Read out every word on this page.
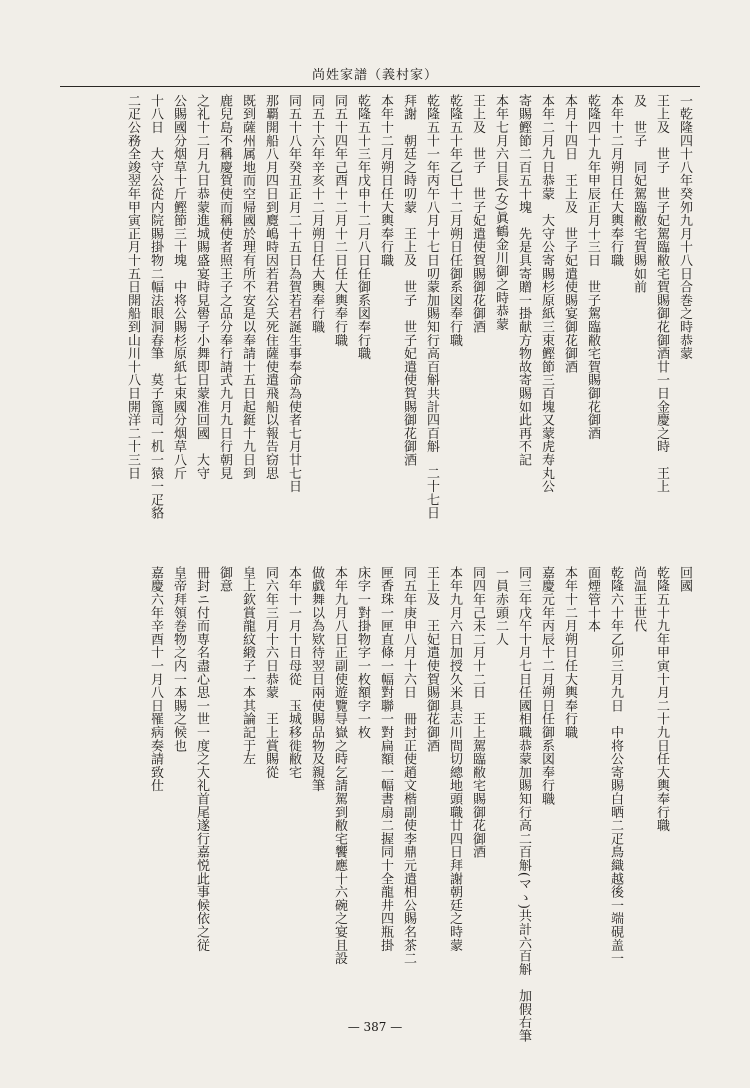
尚姓家譜（義村家）
一乾隆四十八年癸夘九月十八日合巻之時恭蒙
王上及　世子　世子妃駕臨敝宅賀賜御花御酒廿一日金慶之時　王上
及　世子　同妃駕臨敝宅賀賜如前
本年十二月朔日任大輿奉行職
乾隆四十九年甲辰正月十三日　世子駕臨敝宅賀賜御花御酒
本月十四日　王上及　世子妃遣使賜宴御花御酒
本年二月九日恭蒙　大守公寄賜杉原紙三束鰹節三百塊又蒙虎寿丸公
寄賜鰹節二百五十塊　先是具寄贈一掛献方物故寄賜如此再不記
本年七月六日長(女)眞鶴金川御之時恭蒙
王上及　世子　世子妃遣使賀賜御花御酒
乾隆五十年乙巳十二月朔日任御系図奉行職
乾隆五十一年丙午八月十七日叨蒙加賜知行高百斛共計四百斛　二十七日
拜謝　朝廷之時叨蒙　王上及　世子　世子妃遣使賀賜御花御酒
本年十二月朔日任大輿奉行職
乾隆五十三年戊申十二月八日任御系図奉行職
同五十四年己酉十二月十二日任大輿奉行職
同五十六年辛亥十二月朔日任大輿奉行職
同五十八年癸丑正月二十五日為賀若君誕生事奉命為使者七月廿七日
那覇開船八月四日到麑嶋時因若君公夭死住薩使遣飛船以報告窃思
既到薩州属地而空帰國於理有所不安是以奉請十五日起鋌十九日到
鹿兒島不稱慶賀使而稱使者照王子之品分奉行請式九月九日行朝見
之礼十二月九日恭蒙進城賜盛宴時見嚳子小舞即日蒙准回國　大守
公賜國分烟草十斤鰹節三十塊　中将公賜杉原紙七束國分烟草八斤
十八日　大守公從内院賜掛物二幅法眼洞春筆　莫子篦司一机一猿一疋貉
二疋公務全竣翌年甲寅正月十五日開船到山川十八日開洋二十三日
回國
乾隆五十九年甲寅十月二十九日任大輿奉行職
尚温王世代
乾隆六十年乙卯三月九日　中将公寄賜白晒二疋鳥織越後一端硯盖一
面煙管十本
本年十二月朔日任大輿奉行職
嘉慶元年丙辰十二月朔日任御系図奉行職
同三年戊午十月七日任國相職恭蒙加賜知行高二百斛(マゝ)共計六百斛　加假右筆
一員赤頭二人
同四年己未二月十二日　王上駕臨敝宅賜御花御酒
本年九月六日加授久米具志川間切總地頭職廿四日拜謝朝廷之時蒙
王上及　王妃遣使賀賜御花御酒
同五年庚申八月十六日　冊封正使趙文楷副使李鼎元遣相公賜名茶二
匣香珠一匣直條一幅對聯一對扁額一幅書扇二握同十全龍井四瓶掛
床字一對掛物字一枚額字一枚
本年九月八日正副使遊覽㝵嶽之時乞請駕到敝宅饗應十六碗之宴且設
做戯舞以為欵待翌日兩使賜品物及親筆
本年十一月十日母從　玉城移徙敝宅
同六年三月十六日恭蒙　王上賞賜從
皇上欽賞龍紋緞子一本其論記于左
御意
冊封ニ付而専名盡心思一世一度之大礼首尾遂行嘉悦此事候依之従
皇帝拜領巻物之内一本賜之候也
嘉慶六年辛酉十一月八日罹病奏請致仕
— 387 —
